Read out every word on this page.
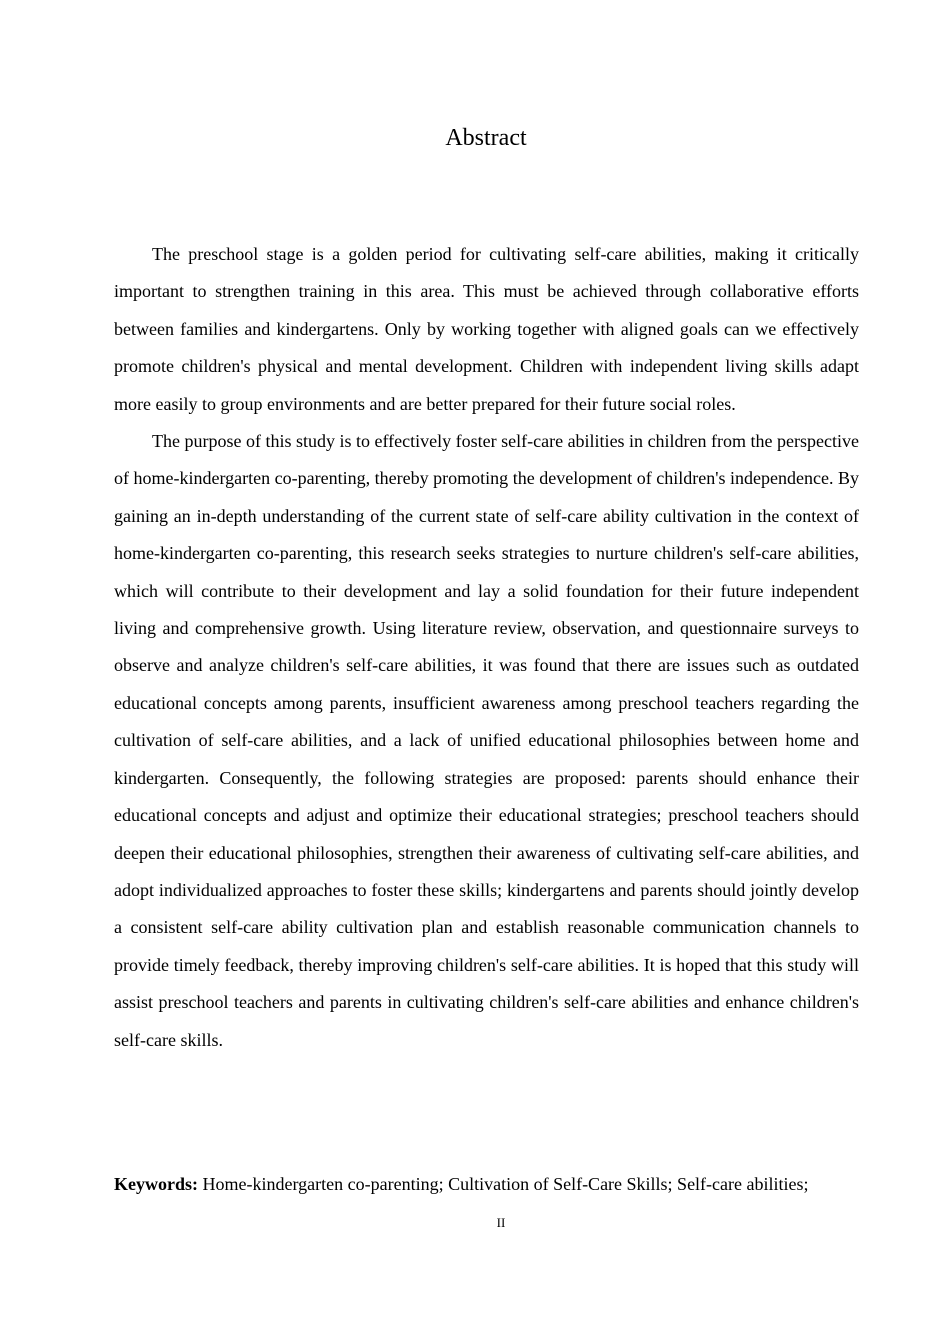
Abstract

The preschool stage is a golden period for cultivating self-care abilities, making it critically important to strengthen training in this area. This must be achieved through collaborative efforts between families and kindergartens. Only by working together with aligned goals can we effectively promote children's physical and mental development. Children with independent living skills adapt more easily to group environments and are better prepared for their future social roles.

The purpose of this study is to effectively foster self-care abilities in children from the perspective of home-kindergarten co-parenting, thereby promoting the development of children's independence. By gaining an in-depth understanding of the current state of self-care ability cultivation in the context of home-kindergarten co-parenting, this research seeks strategies to nurture children's self-care abilities, which will contribute to their development and lay a solid foundation for their future independent living and comprehensive growth. Using literature review, observation, and questionnaire surveys to observe and analyze children's self-care abilities, it was found that there are issues such as outdated educational concepts among parents, insufficient awareness among preschool teachers regarding the cultivation of self-care abilities, and a lack of unified educational philosophies between home and kindergarten. Consequently, the following strategies are proposed: parents should enhance their educational concepts and adjust and optimize their educational strategies; preschool teachers should deepen their educational philosophies, strengthen their awareness of cultivating self-care abilities, and adopt individualized approaches to foster these skills; kindergartens and parents should jointly develop a consistent self-care ability cultivation plan and establish reasonable communication channels to provide timely feedback, thereby improving children's self-care abilities. It is hoped that this study will assist preschool teachers and parents in cultivating children's self-care abilities and enhance children's self-care skills.

Keywords: Home-kindergarten co-parenting; Cultivation of Self-Care Skills; Self-care abilities;

II
